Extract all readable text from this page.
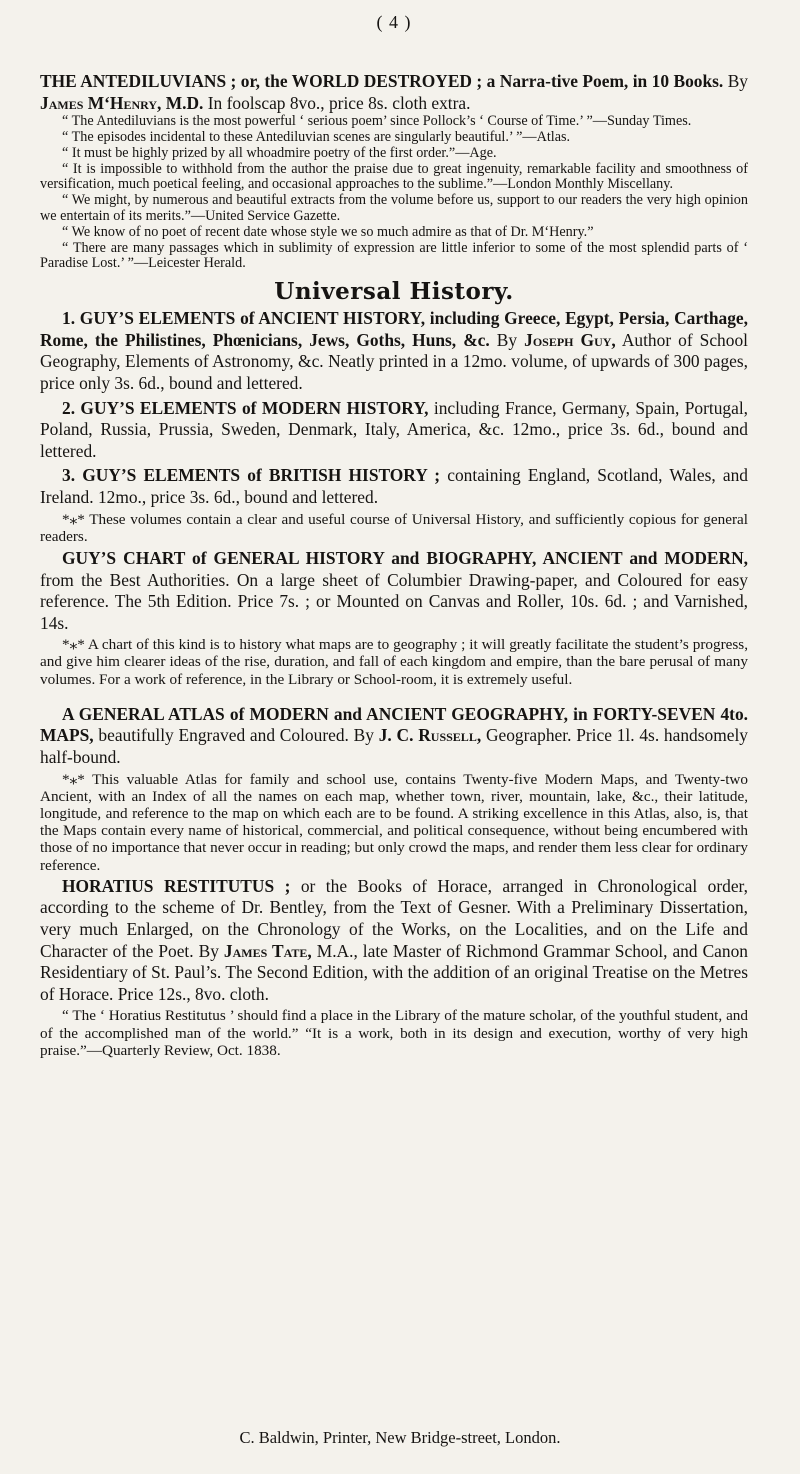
( 4 )

THE ANTEDILUVIANS ; or, the WORLD DESTROYED ; a Narra-tive Poem, in 10 Books. By James M‘Henry, M.D. In foolscap 8vo., price 8s. cloth extra.

“ The Antediluvians is the most powerful ‘ serious poem’ since Pollock’s ‘ Course of Time.’ ”—Sunday Times.

“ The episodes incidental to these Antediluvian scenes are singularly beautiful.’ ”—Atlas.

“ It must be highly prized by all whoadmire poetry of the first order.”—Age.

“ It is impossible to withhold from the author the praise due to great ingenuity, remarkable facility and smoothness of versification, much poetical feeling, and occasional approaches to the sublime.”—London Monthly Miscellany.

“ We might, by numerous and beautiful extracts from the volume before us, support to our readers the very high opinion we entertain of its merits.”—United Service Gazette.

“ We know of no poet of recent date whose style we so much admire as that of Dr. M‘Henry.”

“ There are many passages which in sublimity of expression are little inferior to some of the most splendid parts of ‘ Paradise Lost.’ ”—Leicester Herald.

Universal History.

1. GUY’S ELEMENTS of ANCIENT HISTORY, including Greece, Egypt, Persia, Carthage, Rome, the Philistines, Phœnicians, Jews, Goths, Huns, &c. By Joseph Guy, Author of School Geography, Elements of Astronomy, &c. Neatly printed in a 12mo. volume, of upwards of 300 pages, price only 3s. 6d., bound and lettered.

2. GUY’S ELEMENTS of MODERN HISTORY, including France, Germany, Spain, Portugal, Poland, Russia, Prussia, Sweden, Denmark, Italy, America, &c. 12mo., price 3s. 6d., bound and lettered.

3. GUY’S ELEMENTS of BRITISH HISTORY ; containing England, Scotland, Wales, and Ireland. 12mo., price 3s. 6d., bound and lettered.

*⁎* These volumes contain a clear and useful course of Universal History, and sufficiently copious for general readers.

GUY’S CHART of GENERAL HISTORY and BIOGRAPHY, ANCIENT and MODERN, from the Best Authorities. On a large sheet of Columbier Drawing-paper, and Coloured for easy reference. The 5th Edition. Price 7s. ; or Mounted on Canvas and Roller, 10s. 6d. ; and Varnished, 14s.

*⁎* A chart of this kind is to history what maps are to geography ; it will greatly facilitate the student’s progress, and give him clearer ideas of the rise, duration, and fall of each kingdom and empire, than the bare perusal of many volumes. For a work of reference, in the Library or School-room, it is extremely useful.

A GENERAL ATLAS of MODERN and ANCIENT GEOGRAPHY, in FORTY-SEVEN 4to. MAPS, beautifully Engraved and Coloured. By J. C. Russell, Geographer. Price 1l. 4s. handsomely half-bound.

*⁎* This valuable Atlas for family and school use, contains Twenty-five Modern Maps, and Twenty-two Ancient, with an Index of all the names on each map, whether town, river, mountain, lake, &c., their latitude, longitude, and reference to the map on which each are to be found. A striking excellence in this Atlas, also, is, that the Maps contain every name of historical, commercial, and political consequence, without being encumbered with those of no importance that never occur in reading; but only crowd the maps, and render them less clear for ordinary reference.

HORATIUS RESTITUTUS ; or the Books of Horace, arranged in Chronological order, according to the scheme of Dr. Bentley, from the Text of Gesner. With a Preliminary Dissertation, very much Enlarged, on the Chronology of the Works, on the Localities, and on the Life and Character of the Poet. By James Tate, M.A., late Master of Richmond Grammar School, and Canon Residentiary of St. Paul’s. The Second Edition, with the addition of an original Treatise on the Metres of Horace. Price 12s., 8vo. cloth.

“ The ‘ Horatius Restitutus ’ should find a place in the Library of the mature scholar, of the youthful student, and of the accomplished man of the world.” “It is a work, both in its design and execution, worthy of very high praise.”—Quarterly Review, Oct. 1838.

C. Baldwin, Printer, New Bridge-street, London.
